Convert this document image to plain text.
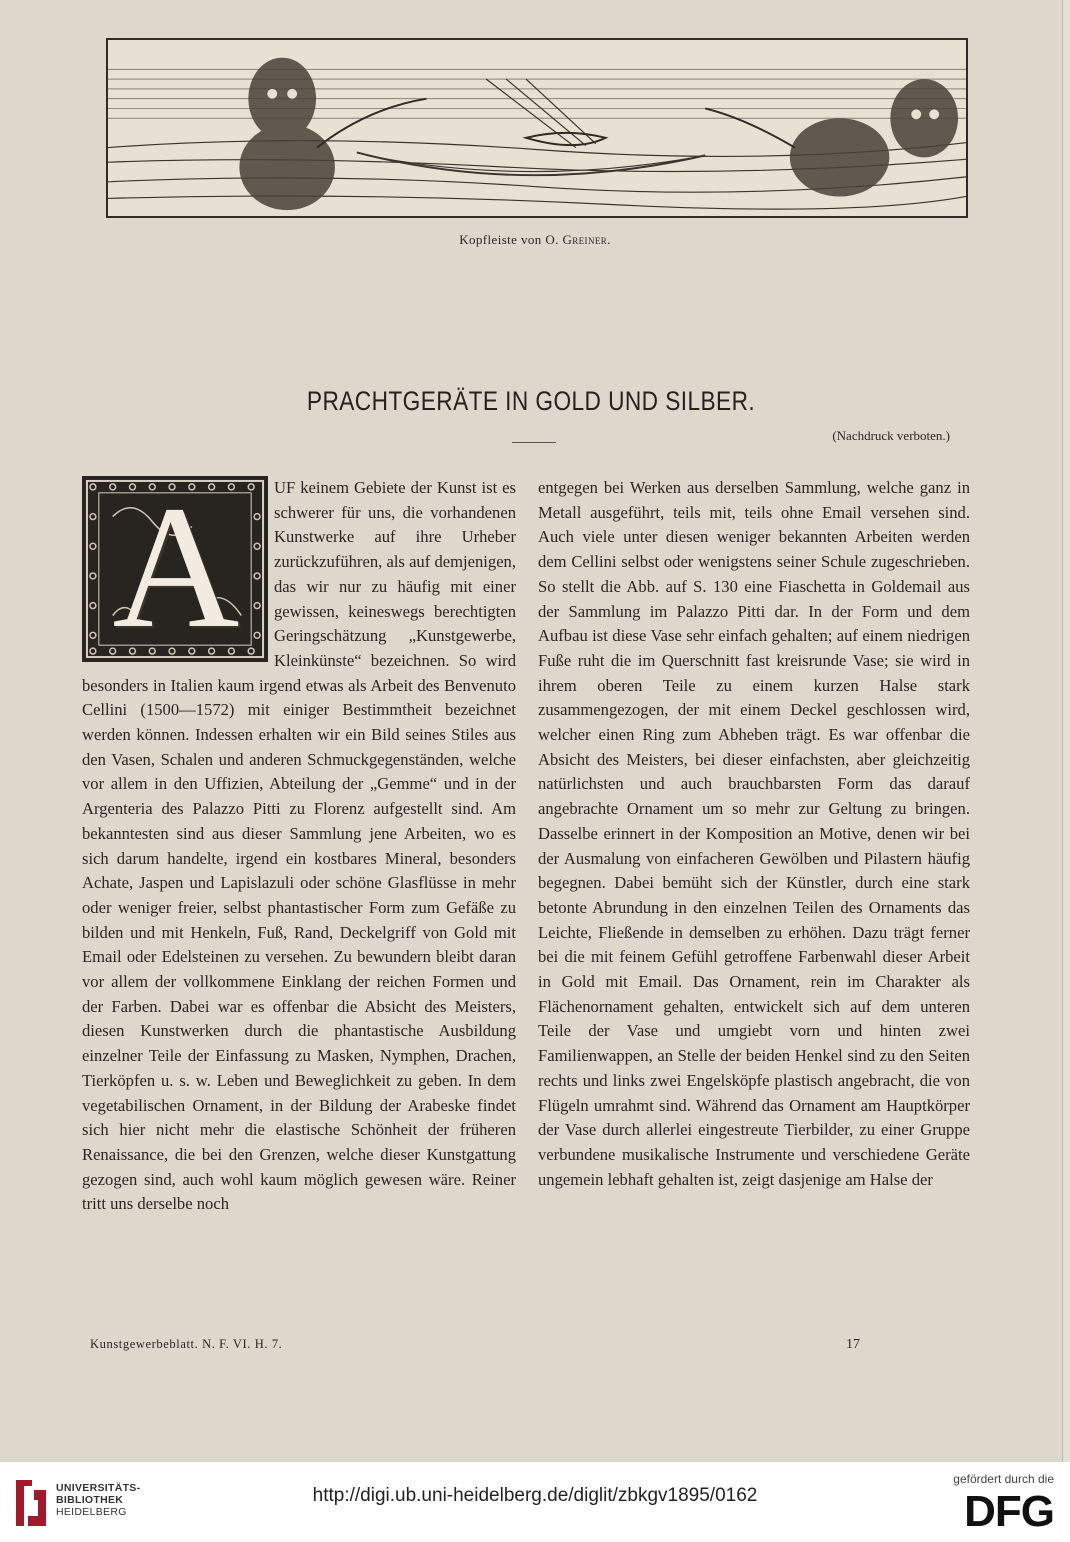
Kopfleiste von O. Greiner.
PRACHTGERÄTE IN GOLD UND SILBER.
(Nachdruck verboten.)
A	UF keinem Gebiete der Kunst ist es schwerer für uns, die vorhandenen Kunstwerke auf ihre Urheber zurückzuführen, als auf demjenigen, das wir nur zu häufig mit einer gewissen, keineswegs berechtigten Geringschätzung „Kunstgewerbe, Kleinkünste“ bezeichnen. So wird besonders in Italien kaum irgend etwas als Arbeit des Benvenuto Cellini (1500—1572) mit einiger Bestimmtheit bezeichnet werden können. Indessen erhalten wir ein Bild seines Stiles aus den Vasen, Schalen und anderen Schmuckgegenständen, welche vor allem in den Uffizien, Abteilung der „Gemme“ und in der Argenteria des Palazzo Pitti zu Florenz aufgestellt sind. Am bekanntesten sind aus dieser Sammlung jene Arbeiten, wo es sich darum handelte, irgend ein kostbares Mineral, besonders Achate, Jaspen und Lapislazuli oder schöne Glasflüsse in mehr oder weniger freier, selbst phantastischer Form zum Gefäße zu bilden und mit Henkeln, Fuß, Rand, Deckelgriff von Gold mit Email oder Edelsteinen zu versehen. Zu bewundern bleibt daran vor allem der vollkommene Einklang der reichen Formen und der Farben. Dabei war es offenbar die Absicht des Meisters, diesen Kunstwerken durch die phantastische Ausbildung einzelner Teile der Einfassung zu Masken, Nymphen, Drachen, Tierköpfen u. s. w. Leben und Beweglichkeit zu geben. In dem vegetabilischen Ornament, in der Bildung der Arabeske findet sich hier nicht mehr die elastische Schönheit der früheren Renaissance, die bei den Grenzen, welche dieser Kunstgattung gezogen sind, auch wohl kaum möglich gewesen wäre. Reiner tritt uns derselbe noch

entgegen bei Werken aus derselben Sammlung, welche ganz in Metall ausgeführt, teils mit, teils ohne Email versehen sind. Auch viele unter diesen weniger bekannten Arbeiten werden dem Cellini selbst oder wenigstens seiner Schule zugeschrieben. So stellt die Abb. auf S. 130 eine Fiaschetta in Goldemail aus der Sammlung im Palazzo Pitti dar. In der Form und dem Aufbau ist diese Vase sehr einfach gehalten; auf einem niedrigen Fuße ruht die im Querschnitt fast kreisrunde Vase; sie wird in ihrem oberen Teile zu einem kurzen Halse stark zusammengezogen, der mit einem Deckel geschlossen wird, welcher einen Ring zum Abheben trägt. Es war offenbar die Absicht des Meisters, bei dieser einfachsten, aber gleichzeitig natürlichsten und auch brauchbarsten Form das darauf angebrachte Ornament um so mehr zur Geltung zu bringen. Dasselbe erinnert in der Komposition an Motive, denen wir bei der Ausmalung von einfacheren Gewölben und Pilastern häufig begegnen. Dabei bemüht sich der Künstler, durch eine stark betonte Abrundung in den einzelnen Teilen des Ornaments das Leichte, Fließende in demselben zu erhöhen. Dazu trägt ferner bei die mit feinem Gefühl getroffene Farbenwahl dieser Arbeit in Gold mit Email. Das Ornament, rein im Charakter als Flächenornament gehalten, entwickelt sich auf dem unteren Teile der Vase und umgiebt vorn und hinten zwei Familienwappen, an Stelle der beiden Henkel sind zu den Seiten rechts und links zwei Engelsköpfe plastisch angebracht, die von Flügeln umrahmt sind. Während das Ornament am Hauptkörper der Vase durch allerlei eingestreute Tierbilder, zu einer Gruppe verbundene musikalische Instrumente und verschiedene Geräte ungemein lebhaft gehalten ist, zeigt dasjenige am Halse der

Kunstgewerbeblatt. N. F. VI. H. 7.	17
UNIVERSITÄTS-
BIBLIOTHEK
HEIDELBERG
http://digi.ub.uni-heidelberg.de/diglit/zbkgv1895/0162
gefördert durch die
DFG
